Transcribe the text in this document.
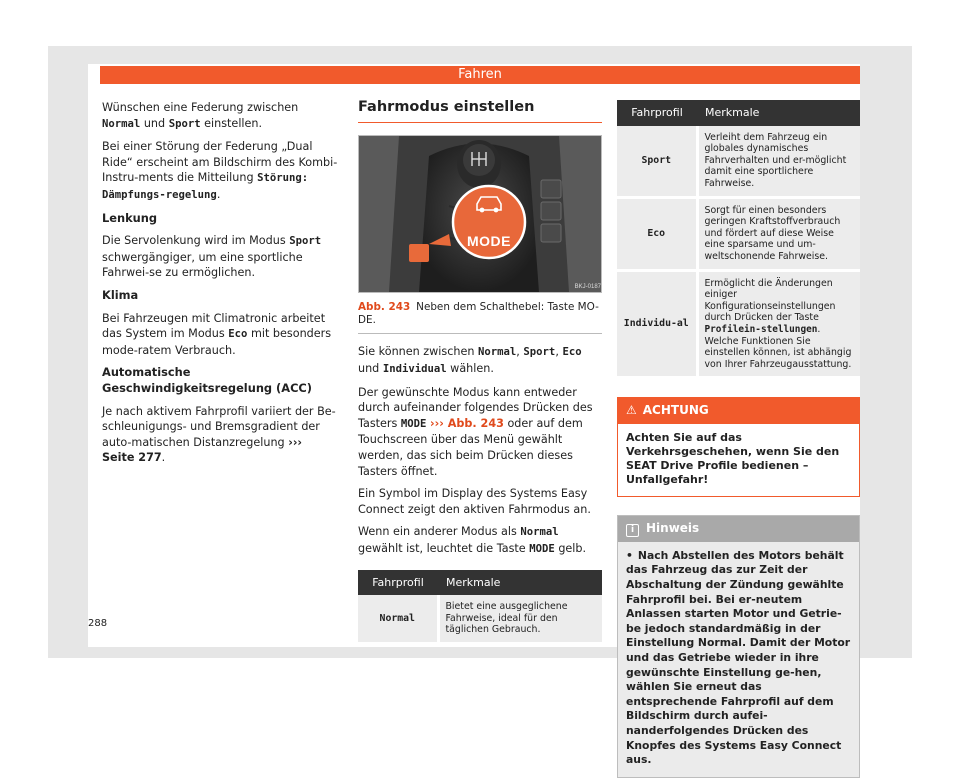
Fahren

Wünschen eine Federung zwischen Normal und Sport einstellen.

Bei einer Störung der Federung „Dual Ride“ erscheint am Bildschirm des Kombi-Instru-ments die Mitteilung Störung: Dämpfungs-regelung.

Lenkung

Die Servolenkung wird im Modus Sport schwergängiger, um eine sportliche Fahrwei-se zu ermöglichen.

Klima

Bei Fahrzeugen mit Climatronic arbeitet das System im Modus Eco mit besonders mode-ratem Verbrauch.

Automatische Geschwindigkeitsregelung (ACC)

Je nach aktivem Fahrprofil variiert der Be-schleunigungs- und Bremsgradient der auto-matischen Distanzregelung ››› Seite 277.

Fahrmodus einstellen
BKJ-0187
MODE
Abb. 243 Neben dem Schalthebel: Taste MO-DE.

Sie können zwischen Normal, Sport, Eco und Individual wählen.

Der gewünschte Modus kann entweder durch aufeinander folgendes Drücken des Tasters MODE ››› Abb. 243 oder auf dem Touchscreen über das Menü gewählt werden, das sich beim Drücken dieses Tasters öffnet.

Ein Symbol im Display des Systems Easy Connect zeigt den aktiven Fahrmodus an.

Wenn ein anderer Modus als Normal gewählt ist, leuchtet die Taste MODE gelb.

Fahrprofil	Merkmale
Normal	Bietet eine ausgeglichene Fahrweise, ideal für den täglichen Gebrauch.
Fahrprofil	Merkmale
Sport	Verleiht dem Fahrzeug ein globales dynamisches Fahrverhalten und er-möglicht damit eine sportlichere Fahrweise.
Eco	Sorgt für einen besonders geringen Kraftstoffverbrauch und fördert auf diese Weise eine sparsame und um-weltschonende Fahrweise.
Individu-al	Ermöglicht die Änderungen einiger Konfigurationseinstellungen durch Drücken der Taste Profilein-stellungen. Welche Funktionen Sie einstellen können, ist abhängig von Ihrer Fahrzeugausstattung.
⚠ ACHTUNG
Achten Sie auf das Verkehrsgeschehen, wenn Sie den SEAT Drive Profile bedienen – Unfallgefahr!
i Hinweis
• Nach Abstellen des Motors behält das Fahrzeug das zur Zeit der Abschaltung der Zündung gewählte Fahrprofil bei. Bei er-neutem Anlassen starten Motor und Getrie-be jedoch standardmäßig in der Einstellung Normal. Damit der Motor und das Getriebe wieder in ihre gewünschte Einstellung ge-hen, wählen Sie erneut das entsprechende Fahrprofil auf dem Bildschirm durch aufei-nanderfolgendes Drücken des Knopfes des Systems Easy Connect aus.
288
